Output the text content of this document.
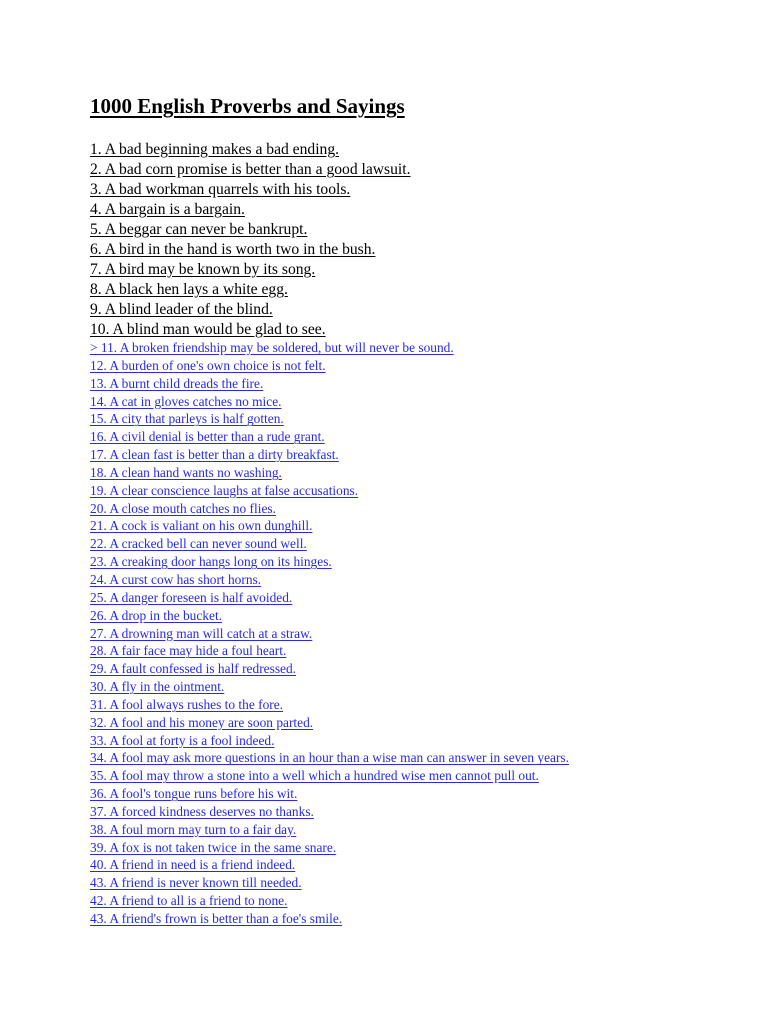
1000 English Proverbs and Sayings
1. A bad beginning makes a bad ending.
2. A bad corn promise is better than a good lawsuit.
3. A bad workman quarrels with his tools.
4. A bargain is a bargain.
5. A beggar can never be bankrupt.
6. A bird in the hand is worth two in the bush.
7. A bird may be known by its song.
8. A black hen lays a white egg.
9. A blind leader of the blind.
10. A blind man would be glad to see.
> 11. A broken friendship may be soldered, but will never be sound.
12. A burden of one's own choice is not felt.
13. A burnt child dreads the fire.
14. A cat in gloves catches no mice.
15. A city that parleys is half gotten.
16. A civil denial is better than a rude grant.
17. A clean fast is better than a dirty breakfast.
18. A clean hand wants no washing.
19. A clear conscience laughs at false accusations.
20. A close mouth catches no flies.
21. A cock is valiant on his own dunghill.
22. A cracked bell can never sound well.
23. A creaking door hangs long on its hinges.
24. A curst cow has short horns.
25. A danger foreseen is half avoided.
26. A drop in the bucket.
27. A drowning man will catch at a straw.
28. A fair face may hide a foul heart.
29. A fault confessed is half redressed.
30. A fly in the ointment.
31. A fool always rushes to the fore.
32. A fool and his money are soon parted.
33. A fool at forty is a fool indeed.
34. A fool may ask more questions in an hour than a wise man can answer in seven years.
35. A fool may throw a stone into a well which a hundred wise men cannot pull out.
36. A fool's tongue runs before his wit.
37. A forced kindness deserves no thanks.
38. A foul morn may turn to a fair day.
39. A fox is not taken twice in the same snare.
40. A friend in need is a friend indeed.
43. A friend is never known till needed.
42. A friend to all is a friend to none.
43. A friend's frown is better than a foe's smile.
